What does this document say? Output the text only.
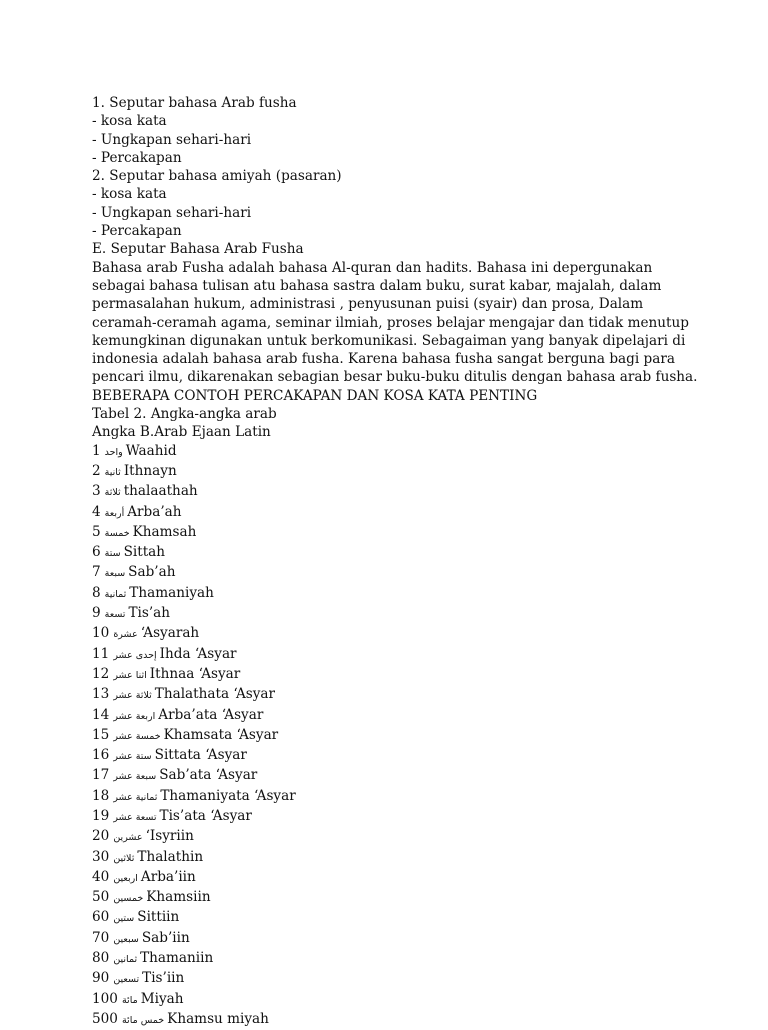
1. Seputar bahasa Arab fusha
- kosa kata
- Ungkapan sehari-hari
- Percakapan
2. Seputar bahasa amiyah (pasaran)
- kosa kata
- Ungkapan sehari-hari
- Percakapan
E. Seputar Bahasa Arab Fusha
Bahasa arab Fusha adalah bahasa Al-quran dan hadits. Bahasa ini depergunakan
sebagai bahasa tulisan atu bahasa sastra dalam buku, surat kabar, majalah, dalam
permasalahan hukum, administrasi , penyusunan puisi (syair) dan prosa, Dalam
ceramah-ceramah agama, seminar ilmiah, proses belajar mengajar dan tidak menutup
kemungkinan digunakan untuk berkomunikasi. Sebagaiman yang banyak dipelajari di
indonesia adalah bahasa arab fusha. Karena bahasa fusha sangat berguna bagi para
pencari ilmu, dikarenakan sebagian besar buku-buku ditulis dengan bahasa arab fusha.
BEBERAPA CONTOH PERCAKAPAN DAN KOSA KATA PENTING
Tabel 2. Angka-angka arab
Angka B.Arab Ejaan Latin
1 واحد Waahid
2 ثانية Ithnayn
3 ثلاثة thalaathah
4 أربعة Arba’ah
5 خمسة Khamsah
6 ستة Sittah
7 سبعة Sab’ah
8 ثمانية Thamaniyah
9 تسعة Tis’ah
10 عشرة ‘Asyarah
11 إحدى عشر Ihda ‘Asyar
12 اثنا عشر Ithnaa ‘Asyar
13 ثلاثة عشر Thalathata ‘Asyar
14 اربعة عشر Arba’ata ‘Asyar
15 خمسة عشر Khamsata ‘Asyar
16 ستة عشر Sittata ‘Asyar
17 سبعة عشر Sab’ata ‘Asyar
18 ثمانية عشر Thamaniyata ‘Asyar
19 تسعة عشر Tis’ata ‘Asyar
20 عشرين ‘Isyriin
30 ثلاثين Thalathin
40 اربعين Arba’iin
50 خمسين Khamsiin
60 ستين Sittiin
70 سبعين Sab’iin
80 ثمانين Thamaniin
90 تسعين Tis’iin
100 مائة Miyah
500 خمس مائة Khamsu miyah
